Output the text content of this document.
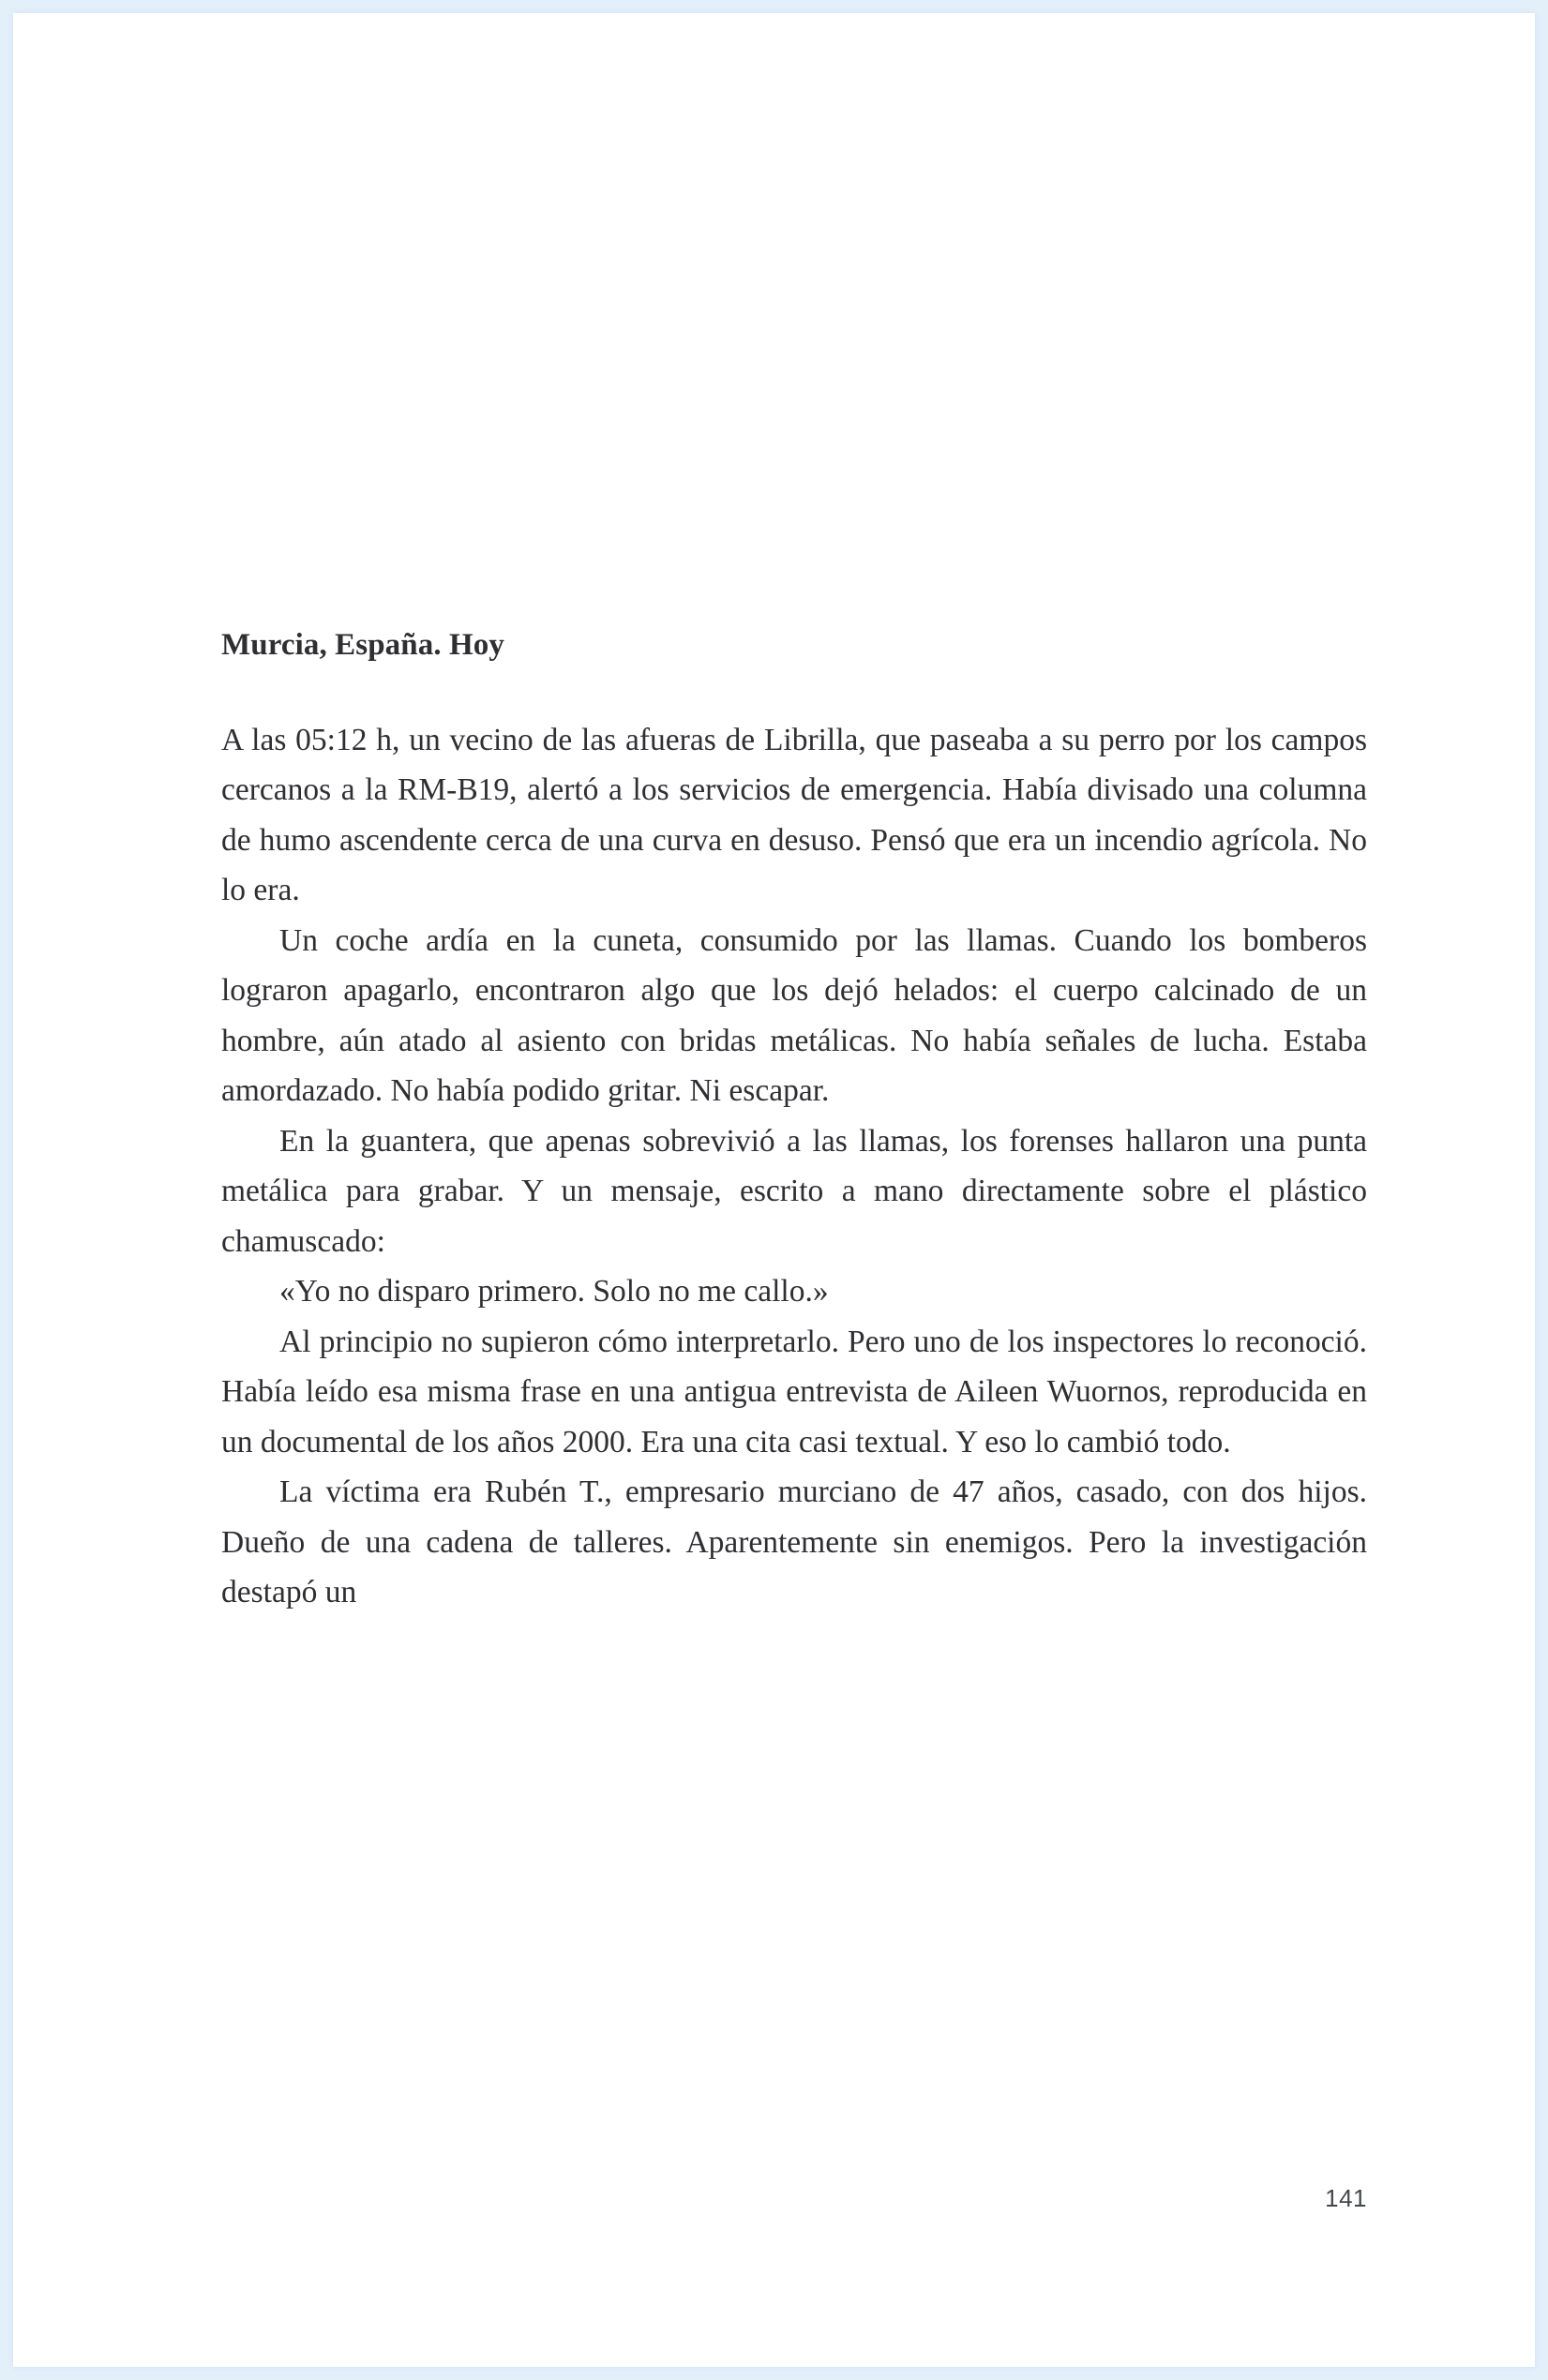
Murcia, España. Hoy

A las 05:12 h, un vecino de las afueras de Librilla, que paseaba a su perro por los campos cercanos a la RM-B19, alertó a los servicios de emergencia. Había divisado una columna de humo ascendente cerca de una curva en desuso. Pensó que era un incendio agrícola. No lo era.

Un coche ardía en la cuneta, consumido por las llamas. Cuando los bomberos lograron apagarlo, encontraron algo que los dejó helados: el cuerpo calcinado de un hombre, aún atado al asiento con bridas metálicas. No había señales de lucha. Estaba amordazado. No había podido gritar. Ni escapar.

En la guantera, que apenas sobrevivió a las llamas, los forenses hallaron una punta metálica para grabar. Y un mensaje, escrito a mano directamente sobre el plástico chamuscado:

«Yo no disparo primero. Solo no me callo.»

Al principio no supieron cómo interpretarlo. Pero uno de los inspectores lo reconoció. Había leído esa misma frase en una antigua entrevista de Aileen Wuornos, reproducida en un documental de los años 2000. Era una cita casi textual. Y eso lo cambió todo.

La víctima era Rubén T., empresario murciano de 47 años, casado, con dos hijos. Dueño de una cadena de talleres. Aparentemente sin enemigos. Pero la investigación destapó un

141
